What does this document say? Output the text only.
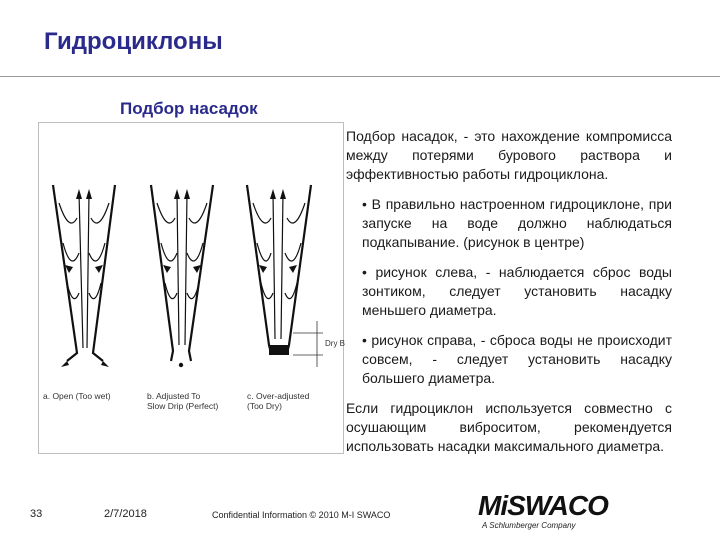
Гидроциклоны
Подбор насадок
Dry B
a. Open (Too wet)	b. Adjusted To
Slow Drip (Perfect)
c. Over-adjusted
(Too Dry)

Подбор насадок, - это нахождение компромисса между потерями бурового раствора и эффективностью работы гидроциклона.

• В правильно настроенном гидроциклоне, при запуске на воде должно наблюдаться подкапывание. (рисунок в центре)

• рисунок слева, - наблюдается сброс воды зонтиком, следует установить насадку меньшего диаметра.

• рисунок справа, - сброса воды не происходит совсем, - следует установить насадку большего диаметра.

Если гидроциклон используется совместно с осушающим виброситом, рекомендуется использовать насадки максимального диаметра.

33	2/7/2018	Confidential Information © 2010 M-I SWACO	MiSWACO
A Schlumberger Company
